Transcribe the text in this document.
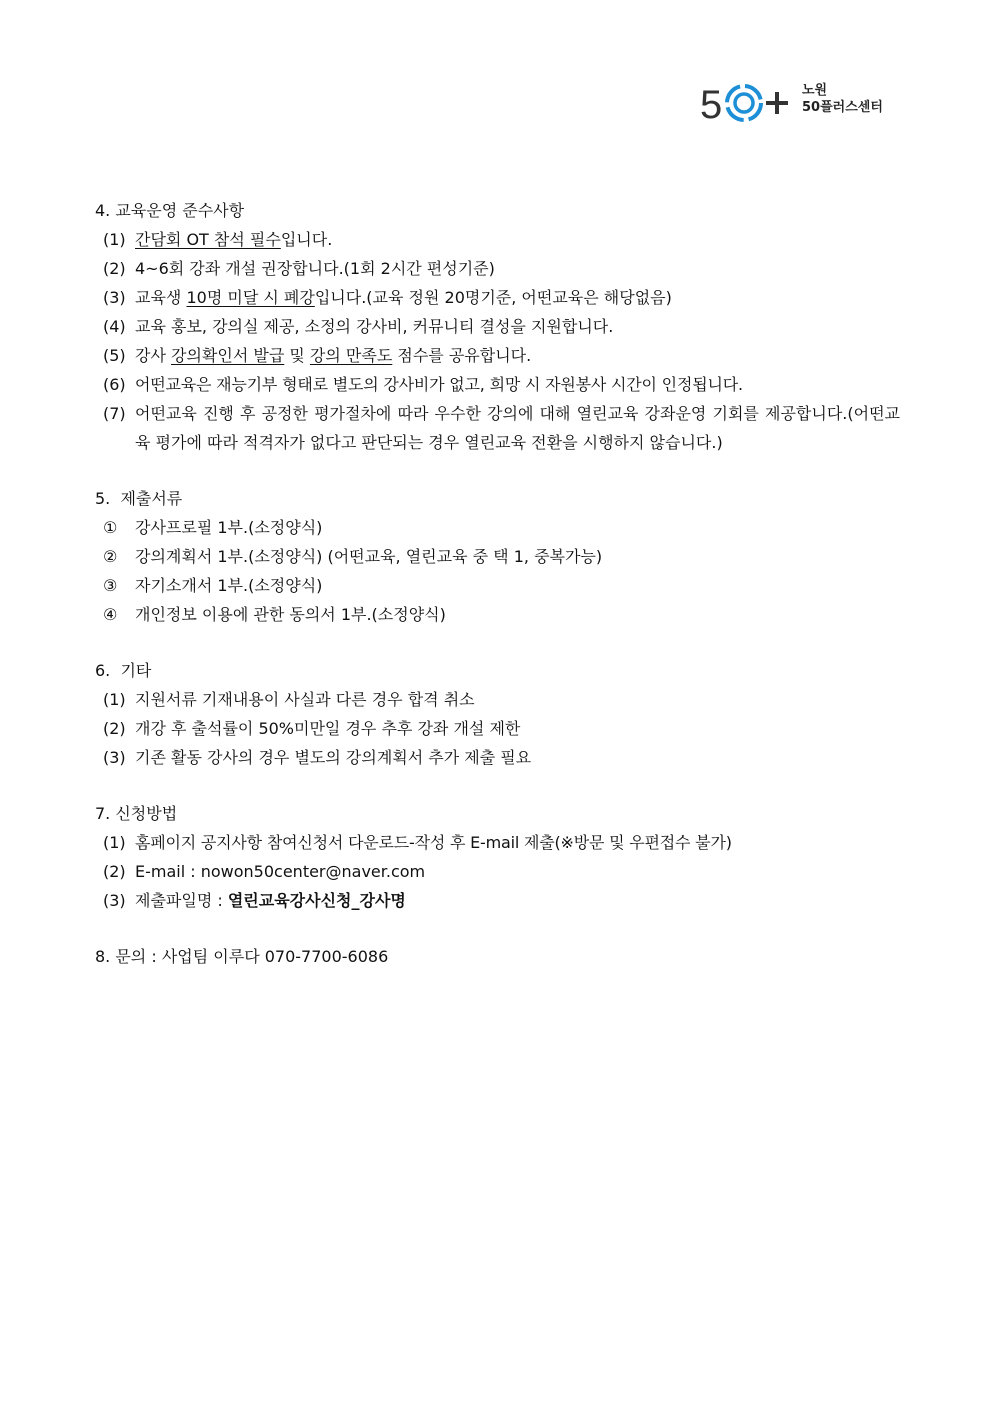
5	노원
50플러스센터
4. 교육운영 준수사항
(1) 간담회 OT 참석 필수입니다.
(2) 4~6회 강좌 개설 권장합니다.(1회 2시간 편성기준)
(3) 교육생 10명 미달 시 폐강입니다.(교육 정원 20명기준, 어떤교육은 해당없음)
(4) 교육 홍보, 강의실 제공, 소정의 강사비, 커뮤니티 결성을 지원합니다.
(5) 강사 강의확인서 발급 및 강의 만족도 점수를 공유합니다.
(6) 어떤교육은 재능기부 형태로 별도의 강사비가 없고, 희망 시 자원봉사 시간이 인정됩니다.
(7) 어떤교육 진행 후 공정한 평가절차에 따라 우수한 강의에 대해 열린교육 강좌운영 기회를 제공합니다.(어떤교육 평가에 따라 적격자가 없다고 판단되는 경우 열린교육 전환을 시행하지 않습니다.)
5.  제출서류
①	강사프로필 1부.(소정양식)
②	강의계획서 1부.(소정양식) (어떤교육, 열린교육 중 택 1, 중복가능)
③	자기소개서 1부.(소정양식)
④	개인정보 이용에 관한 동의서 1부.(소정양식)
6.  기타
(1) 지원서류 기재내용이 사실과 다른 경우 합격 취소
(2) 개강 후 출석률이 50%미만일 경우 추후 강좌 개설 제한
(3) 기존 활동 강사의 경우 별도의 강의계획서 추가 제출 필요
7. 신청방법
(1) 홈페이지 공지사항 참여신청서 다운로드-작성 후 E-mail 제출(※방문 및 우편접수 불가)
(2) E-mail : nowon50center@naver.com
(3) 제출파일명 : 열린교육강사신청_강사명
8. 문의 : 사업팀 이루다 070-7700-6086
